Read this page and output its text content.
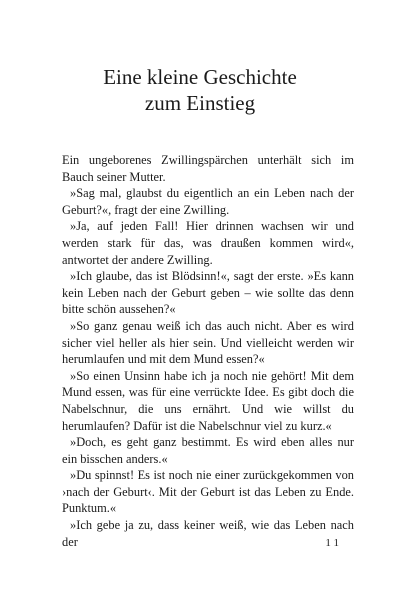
Eine kleine Geschichte
zum Einstieg

Ein ungeborenes Zwillingspärchen unterhält sich im Bauch seiner Mutter.

»Sag mal, glaubst du eigentlich an ein Leben nach der Geburt?«, fragt der eine Zwilling.

»Ja, auf jeden Fall! Hier drinnen wachsen wir und werden stark für das, was draußen kommen wird«, antwortet der andere Zwilling.

»Ich glaube, das ist Blödsinn!«, sagt der erste. »Es kann kein Leben nach der Geburt geben – wie sollte das denn bitte schön aussehen?«

»So ganz genau weiß ich das auch nicht. Aber es wird sicher viel heller als hier sein. Und vielleicht werden wir herumlaufen und mit dem Mund essen?«

»So einen Unsinn habe ich ja noch nie gehört! Mit dem Mund essen, was für eine verrückte Idee. Es gibt doch die Nabelschnur, die uns ernährt. Und wie willst du herumlaufen? Dafür ist die Nabelschnur viel zu kurz.«

»Doch, es geht ganz bestimmt. Es wird eben alles nur ein bisschen anders.«

»Du spinnst! Es ist noch nie einer zurückgekommen von ›nach der Geburt‹. Mit der Geburt ist das Leben zu Ende. Punktum.«

»Ich gebe ja zu, dass keiner weiß, wie das Leben nach der	11
